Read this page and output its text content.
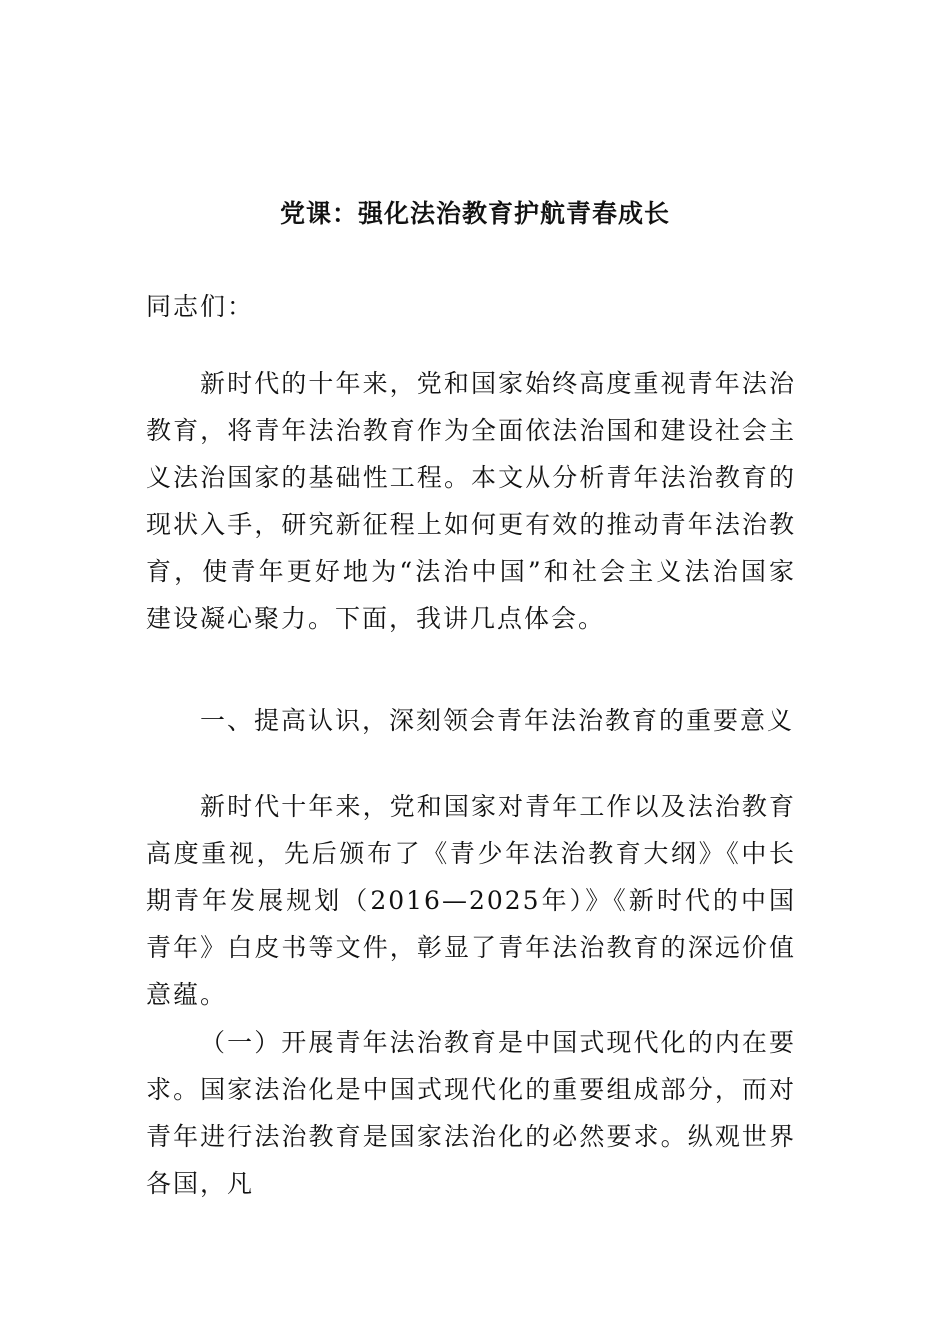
党课：强化法治教育护航青春成长
同志们：
新时代的十年来，党和国家始终高度重视青年法治教育，将青年法治教育作为全面依法治国和建设社会主义法治国家的基础性工程。本文从分析青年法治教育的现状入手，研究新征程上如何更有效的推动青年法治教育，使青年更好地为“法治中国”和社会主义法治国家建设凝心聚力。下面，我讲几点体会。
一、提高认识，深刻领会青年法治教育的重要意义
新时代十年来，党和国家对青年工作以及法治教育高度重视，先后颁布了《青少年法治教育大纲》《中长期青年发展规划（2016—2025年）》《新时代的中国青年》白皮书等文件，彰显了青年法治教育的深远价值意蕴。
（一）开展青年法治教育是中国式现代化的内在要求。国家法治化是中国式现代化的重要组成部分，而对青年进行法治教育是国家法治化的必然要求。纵观世界各国，凡
